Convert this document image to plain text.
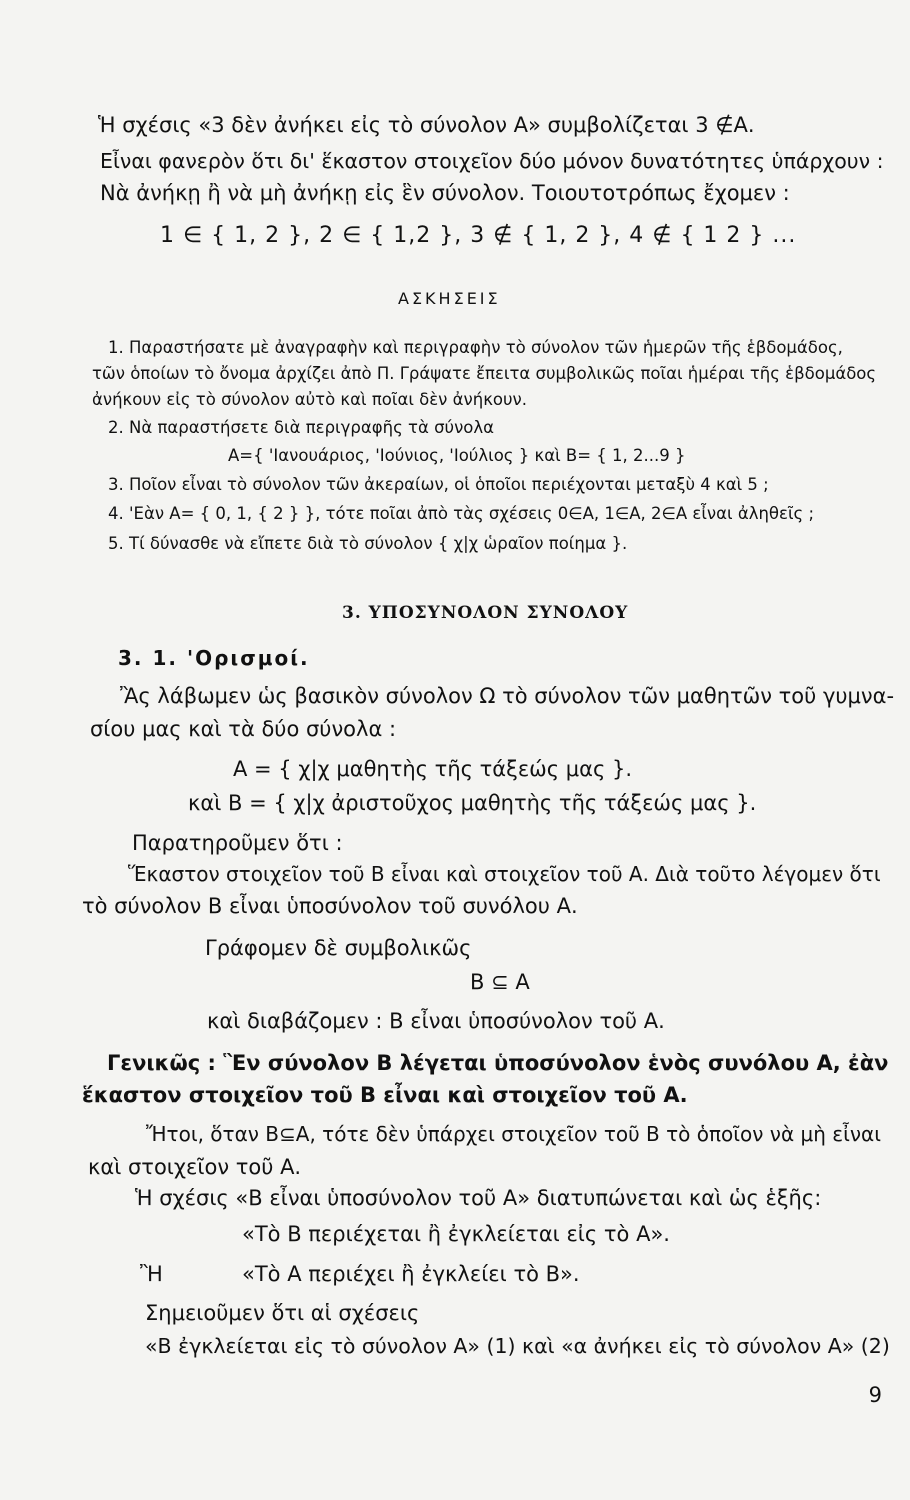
Ἡ σχέσις «3 δὲν ἀνήκει εἰς τὸ σύνολον Α» συμβολίζεται 3 ∉Α.
Εἶναι φανερὸν ὅτι δι' ἕκαστον στοιχεῖον δύο μόνον δυνατότητες ὑπάρχουν :
Νὰ ἀνήκῃ ἢ νὰ μὴ ἀνήκῃ εἰς ἓν σύνολον. Τοιουτοτρόπως ἔχομεν :
1 ∈ { 1, 2 }, 2 ∈ { 1,2 }, 3 ∉ { 1, 2 }, 4 ∉ { 1 2 } ...
ΑΣΚΗΣΕΙΣ
1. Παραστήσατε μὲ ἀναγραφὴν καὶ περιγραφὴν τὸ σύνολον τῶν ἡμερῶν τῆς ἑβδομάδος,
τῶν ὁποίων τὸ ὄνομα ἀρχίζει ἀπὸ Π. Γράψατε ἔπειτα συμβολικῶς ποῖαι ἡμέραι τῆς ἑβδομάδος
ἀνήκουν εἰς τὸ σύνολον αὐτὸ καὶ ποῖαι δὲν ἀνήκουν.
2. Νὰ παραστήσετε διὰ περιγραφῆς τὰ σύνολα
Α={ 'Ιανουάριος, 'Ιούνιος, 'Ιούλιος } καὶ Β= { 1, 2...9 }
3. Ποῖον εἶναι τὸ σύνολον τῶν ἀκεραίων, οἱ ὁποῖοι περιέχονται μεταξὺ 4 καὶ 5 ;
4. 'Εὰν Α= { 0, 1, { 2 } }, τότε ποῖαι ἀπὸ τὰς σχέσεις 0∈Α, 1∈Α, 2∈Α εἶναι ἀληθεῖς ;
5. Τί δύνασθε νὰ εἴπετε διὰ τὸ σύνολον { χ|χ ὡραῖον ποίημα }.
3. ΥΠΟΣΥΝΟΛΟΝ ΣΥΝΟΛΟΥ
3. 1. 'Ορισμοί.
Ἂς λάβωμεν ὡς βασικὸν σύνολον Ω τὸ σύνολον τῶν μαθητῶν τοῦ γυμνα-
σίου μας καὶ τὰ δύο σύνολα :
Α = { χ|χ μαθητὴς τῆς τάξεώς μας }.
καὶ Β = { χ|χ ἀριστοῦχος μαθητὴς τῆς τάξεώς μας }.
Παρατηροῦμεν ὅτι :
Ἕκαστον στοιχεῖον τοῦ Β εἶναι καὶ στοιχεῖον τοῦ Α. Διὰ τοῦτο λέγομεν ὅτι
τὸ σύνολον Β εἶναι ὑποσύνολον τοῦ συνόλου Α.
Γράφομεν δὲ συμβολικῶς
Β ⊆ Α
καὶ διαβάζομεν : Β εἶναι ὑποσύνολον τοῦ Α.
Γενικῶς : Ἓν σύνολον Β λέγεται ὑποσύνολον ἑνὸς συνόλου Α, ἐὰν
ἕκαστον στοιχεῖον τοῦ Β εἶναι καὶ στοιχεῖον τοῦ Α.
Ἤτοι, ὅταν Β⊆Α, τότε δὲν ὑπάρχει στοιχεῖον τοῦ Β τὸ ὁποῖον νὰ μὴ εἶναι
καὶ στοιχεῖον τοῦ Α.
Ἡ σχέσις «Β εἶναι ὑποσύνολον τοῦ Α» διατυπώνεται καὶ ὡς ἑξῆς:
«Τὸ Β περιέχεται ἢ ἐγκλείεται εἰς τὸ Α».
Ἢ	«Τὸ Α περιέχει ἢ ἐγκλείει τὸ Β».
Σημειοῦμεν ὅτι αἱ σχέσεις
«Β ἐγκλείεται εἰς τὸ σύνολον Α» (1) καὶ «α ἀνήκει εἰς τὸ σύνολον Α» (2)
9
